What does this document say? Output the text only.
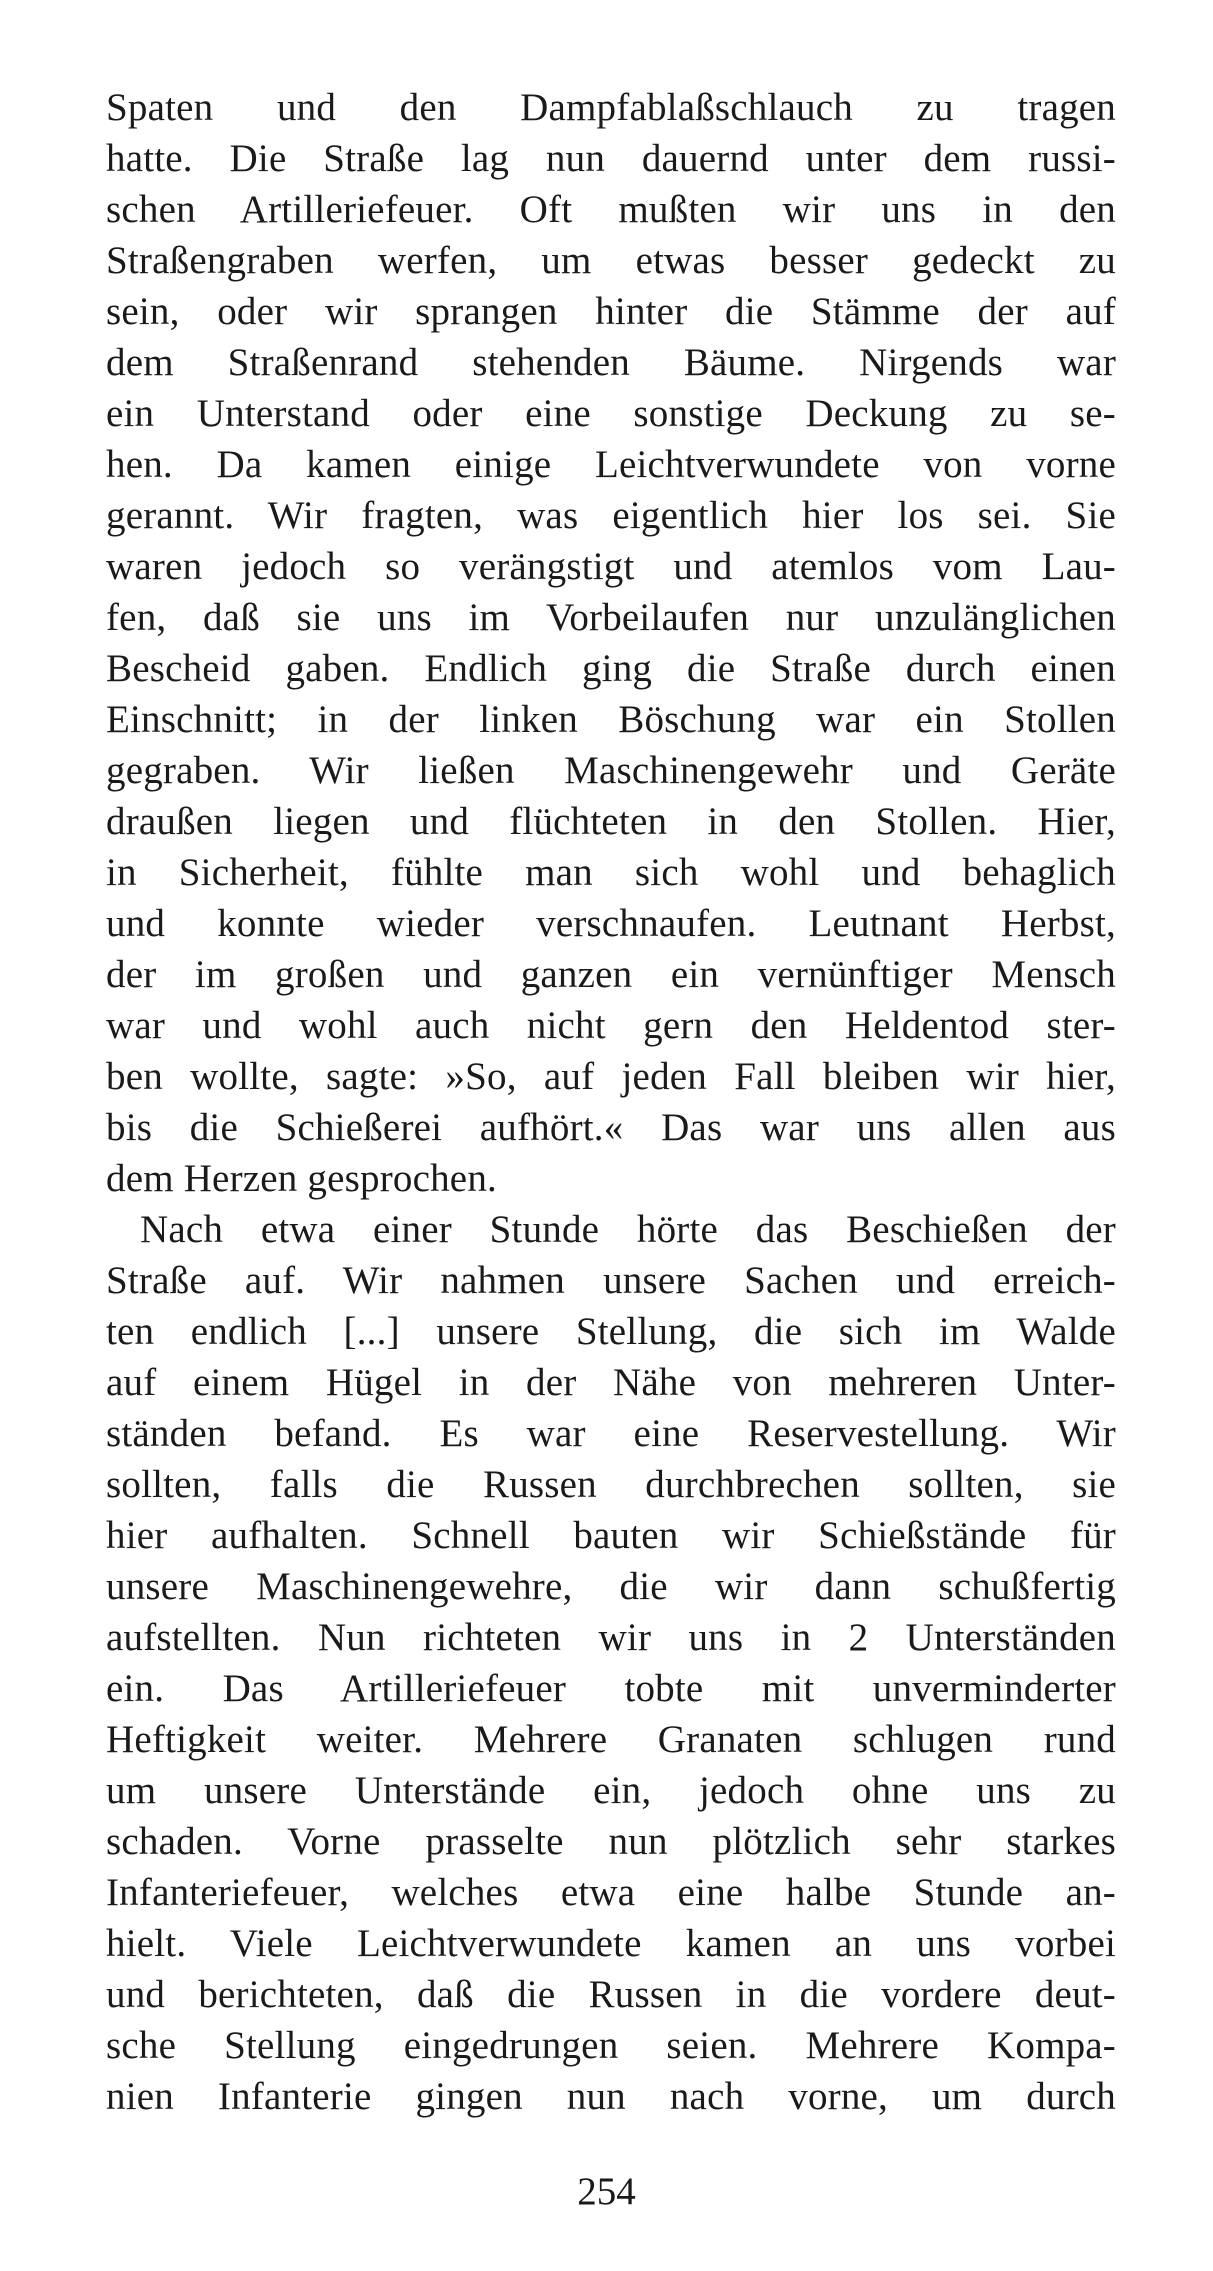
Spaten und den Dampfablaßschlauch zu tragen
hatte. Die Straße lag nun dauernd unter dem russi-
schen Artilleriefeuer. Oft mußten wir uns in den
Straßengraben werfen, um etwas besser gedeckt zu
sein, oder wir sprangen hinter die Stämme der auf
dem Straßenrand stehenden Bäume. Nirgends war
ein Unterstand oder eine sonstige Deckung zu se-
hen. Da kamen einige Leichtverwundete von vorne
gerannt. Wir fragten, was eigentlich hier los sei. Sie
waren jedoch so verängstigt und atemlos vom Lau-
fen, daß sie uns im Vorbeilaufen nur unzulänglichen
Bescheid gaben. Endlich ging die Straße durch einen
Einschnitt; in der linken Böschung war ein Stollen
gegraben. Wir ließen Maschinengewehr und Geräte
draußen liegen und flüchteten in den Stollen. Hier,
in Sicherheit, fühlte man sich wohl und behaglich
und konnte wieder verschnaufen. Leutnant Herbst,
der im großen und ganzen ein vernünftiger Mensch
war und wohl auch nicht gern den Heldentod ster-
ben wollte, sagte: »So, auf jeden Fall bleiben wir hier,
bis die Schießerei aufhört.« Das war uns allen aus
dem Herzen gesprochen.
Nach etwa einer Stunde hörte das Beschießen der
Straße auf. Wir nahmen unsere Sachen und erreich-
ten endlich [...] unsere Stellung, die sich im Walde
auf einem Hügel in der Nähe von mehreren Unter-
ständen befand. Es war eine Reservestellung. Wir
sollten, falls die Russen durchbrechen sollten, sie
hier aufhalten. Schnell bauten wir Schießstände für
unsere Maschinengewehre, die wir dann schußfertig
aufstellten. Nun richteten wir uns in 2 Unterständen
ein. Das Artilleriefeuer tobte mit unverminderter
Heftigkeit weiter. Mehrere Granaten schlugen rund
um unsere Unterstände ein, jedoch ohne uns zu
schaden. Vorne prasselte nun plötzlich sehr starkes
Infanteriefeuer, welches etwa eine halbe Stunde an-
hielt. Viele Leichtverwundete kamen an uns vorbei
und berichteten, daß die Russen in die vordere deut-
sche Stellung eingedrungen seien. Mehrere Kompa-
nien Infanterie gingen nun nach vorne, um durch
254
